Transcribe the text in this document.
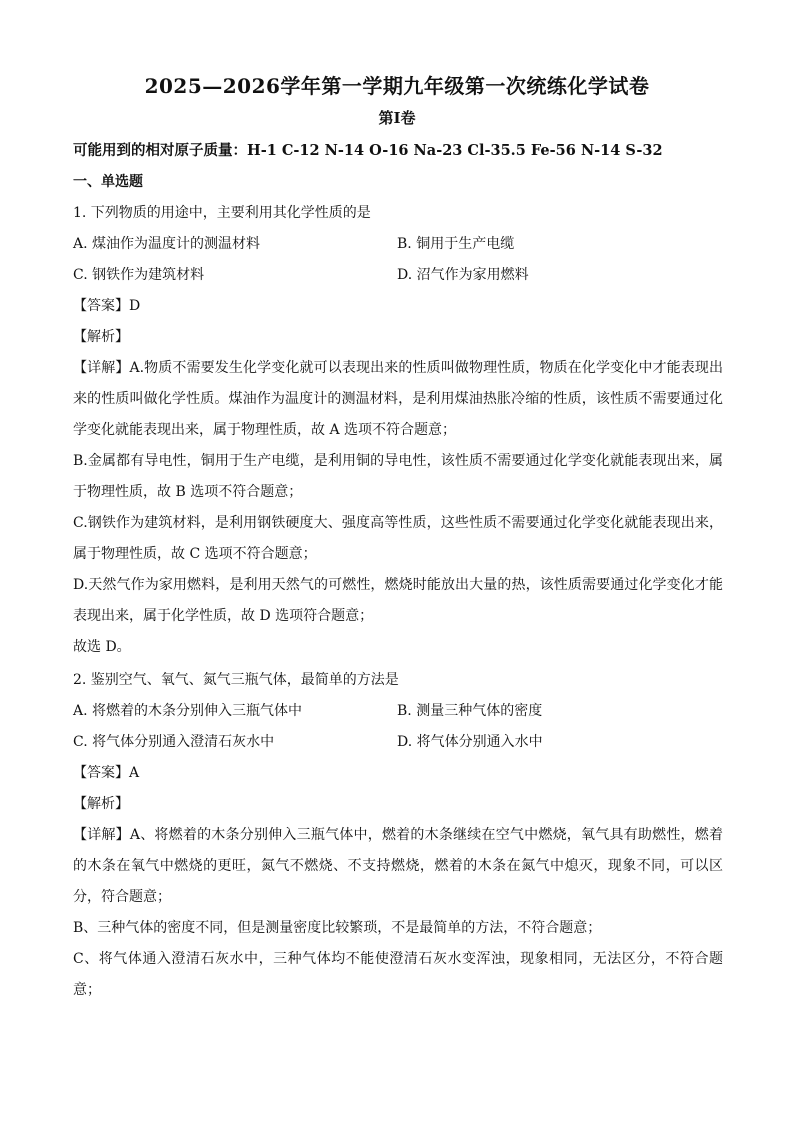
2025—2026学年第一学期九年级第一次统练化学试卷
第Ⅰ卷
可能用到的相对原子质量：H-1 C-12 N-14 O-16 Na-23 Cl-35.5 Fe-56 N-14 S-32
一、单选题
1. 下列物质的用途中，主要利用其化学性质的是
A. 煤油作为温度计的测温材料	B. 铜用于生产电缆
C. 钢铁作为建筑材料	D. 沼气作为家用燃料
【答案】D
【解析】
【详解】A.物质不需要发生化学变化就可以表现出来的性质叫做物理性质，物质在化学变化中才能表现出
来的性质叫做化学性质。煤油作为温度计的测温材料，是利用煤油热胀冷缩的性质，该性质不需要通过化
学变化就能表现出来，属于物理性质，故 A 选项不符合题意；
B.金属都有导电性，铜用于生产电缆，是利用铜的导电性，该性质不需要通过化学变化就能表现出来，属
于物理性质，故 B 选项不符合题意；
C.钢铁作为建筑材料，是利用钢铁硬度大、强度高等性质，这些性质不需要通过化学变化就能表现出来，
属于物理性质，故 C 选项不符合题意；
D.天然气作为家用燃料，是利用天然气的可燃性，燃烧时能放出大量的热，该性质需要通过化学变化才能
表现出来，属于化学性质，故 D 选项符合题意；
故选 D。
2. 鉴别空气、氧气、氮气三瓶气体，最简单的方法是
A. 将燃着的木条分别伸入三瓶气体中	B. 测量三种气体的密度
C. 将气体分别通入澄清石灰水中	D. 将气体分别通入水中
【答案】A
【解析】
【详解】A、将燃着的木条分别伸入三瓶气体中，燃着的木条继续在空气中燃烧，氧气具有助燃性，燃着
的木条在氧气中燃烧的更旺，氮气不燃烧、不支持燃烧，燃着的木条在氮气中熄灭，现象不同，可以区
分，符合题意；
B、三种气体的密度不同，但是测量密度比较繁琐，不是最简单的方法，不符合题意；
C、将气体通入澄清石灰水中，三种气体均不能使澄清石灰水变浑浊，现象相同，无法区分，不符合题
意；
